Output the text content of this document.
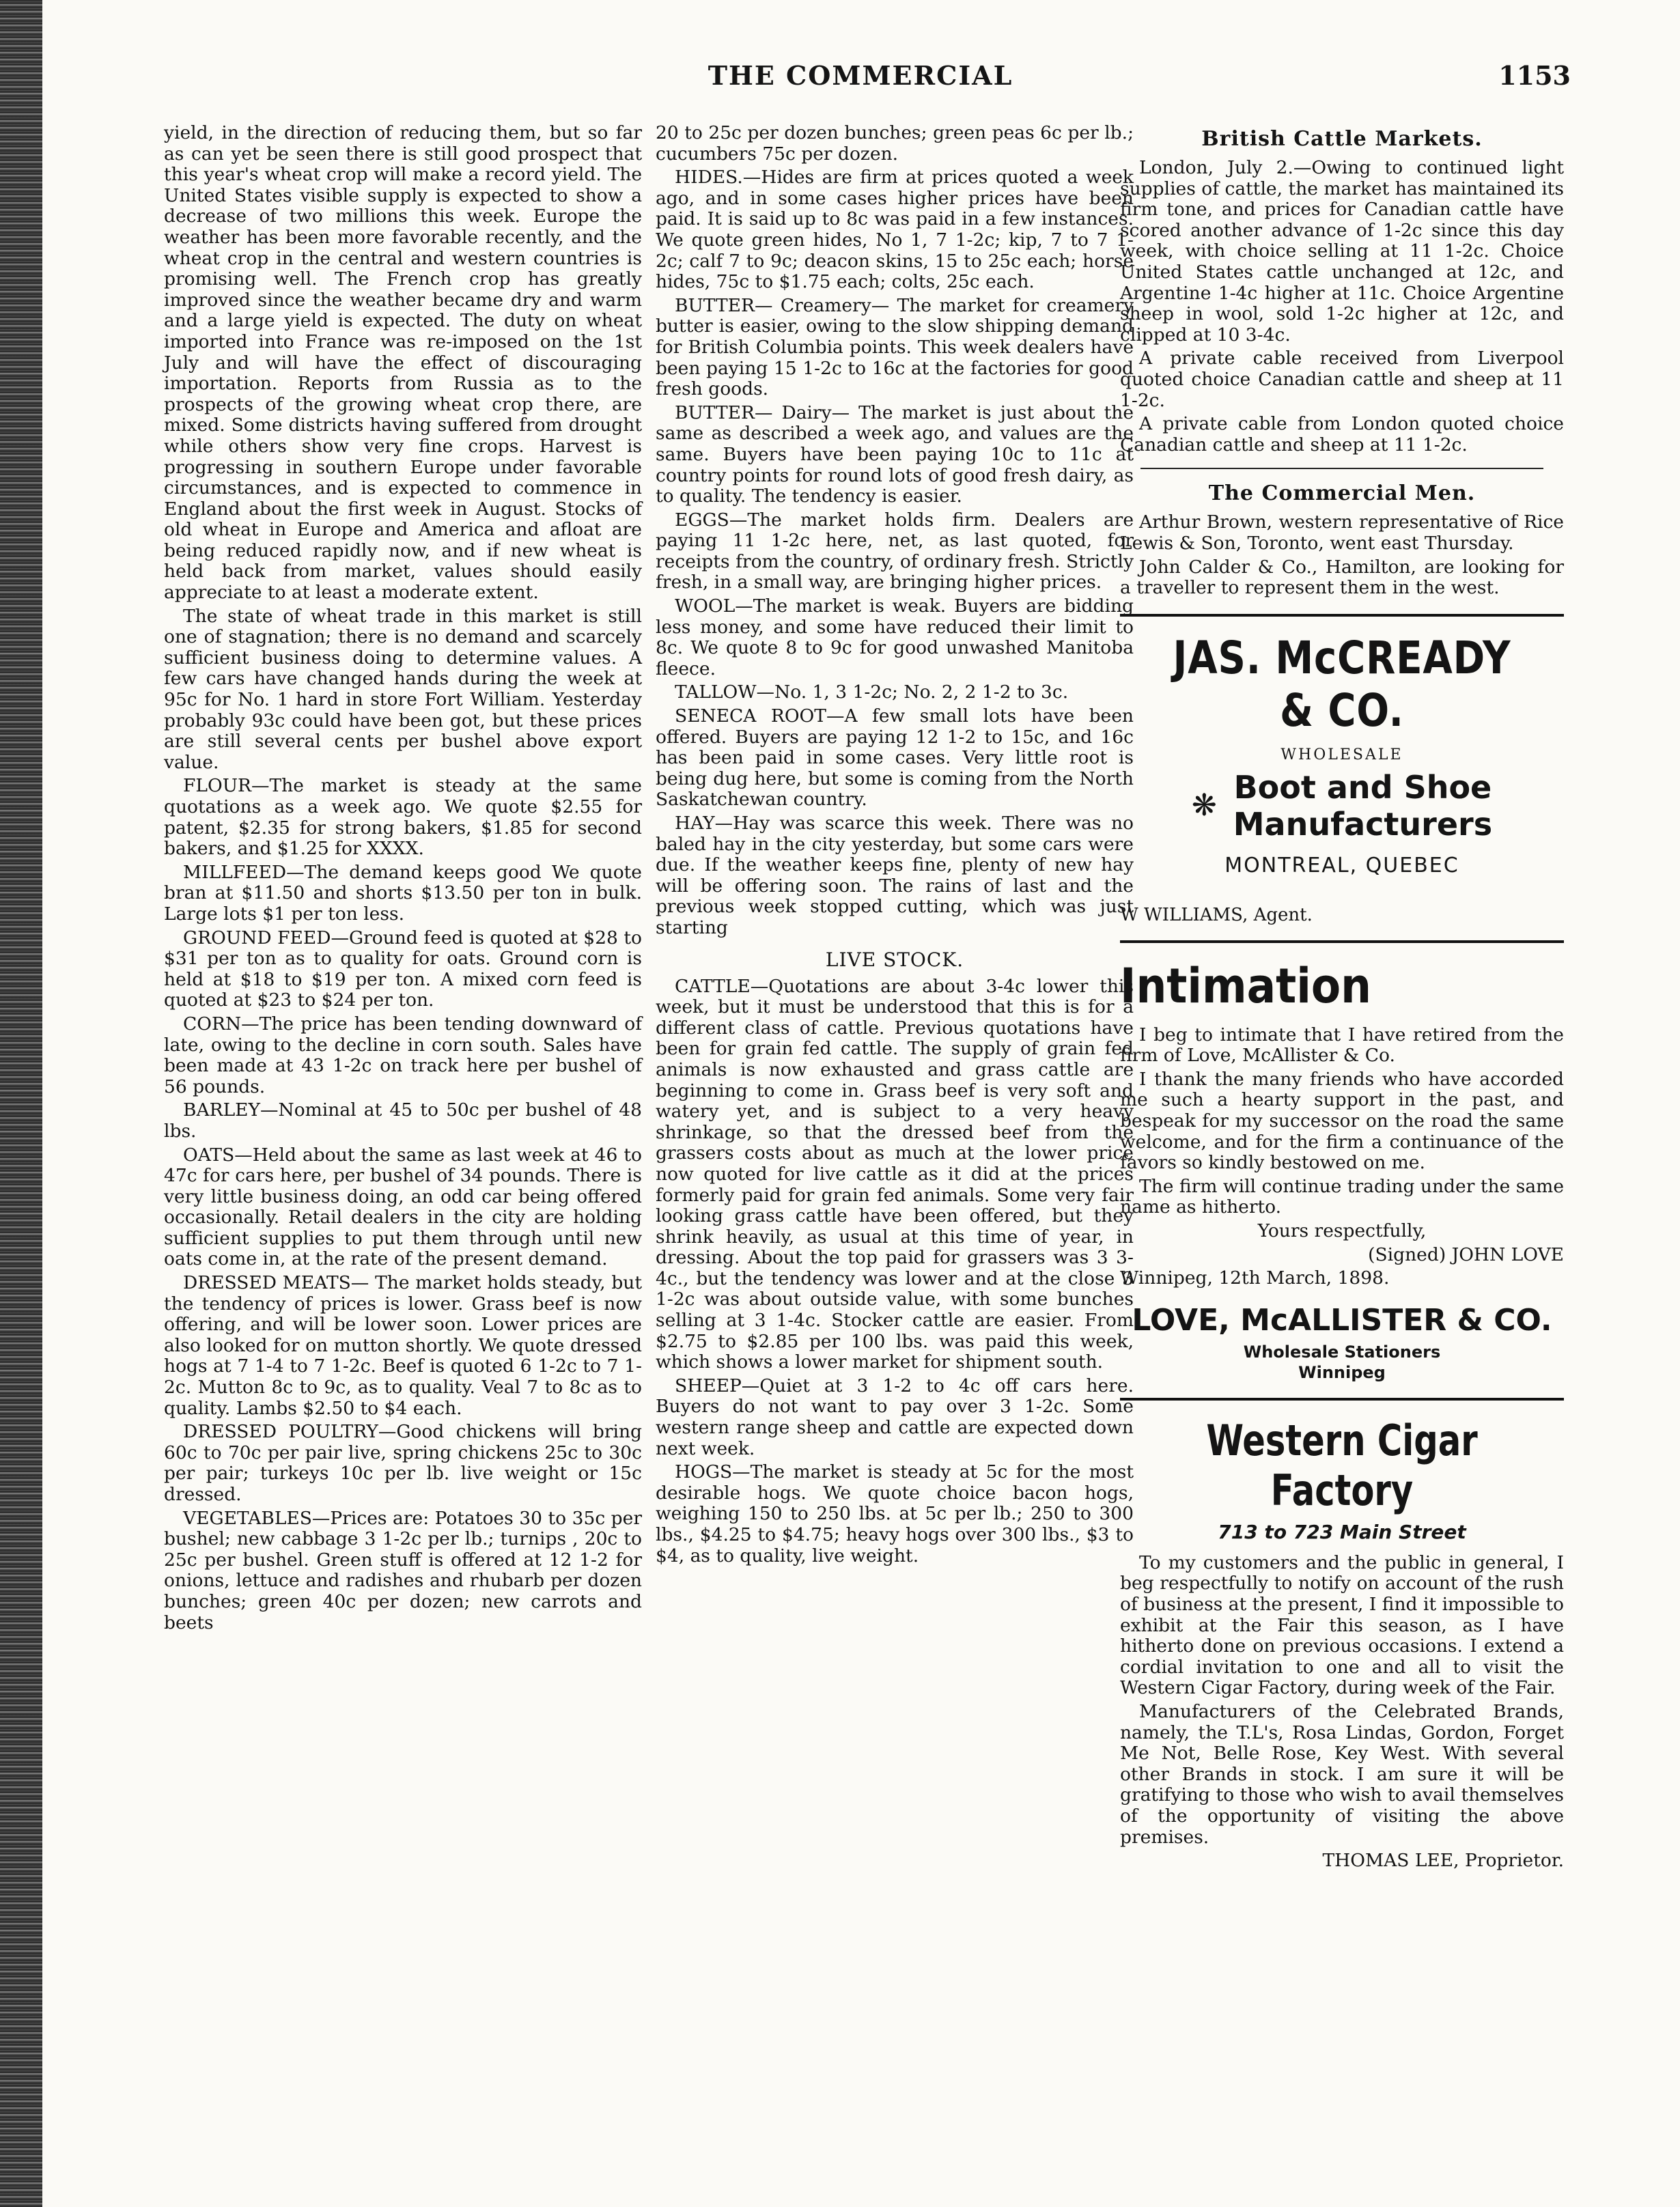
THE COMMERCIAL	1153

yield, in the direction of reducing them, but so far as can yet be seen there is still good prospect that this year's wheat crop will make a record yield. The United States visible supply is expected to show a decrease of two millions this week. Europe the weather has been more favorable recently, and the wheat crop in the central and western countries is promising well. The French crop has greatly improved since the weather became dry and warm and a large yield is expected. The duty on wheat imported into France was re-imposed on the 1st July and will have the effect of discouraging importation. Reports from Russia as to the prospects of the growing wheat crop there, are mixed. Some districts having suffered from drought while others show very fine crops. Harvest is progressing in southern Europe under favorable circumstances, and is expected to commence in England about the first week in August. Stocks of old wheat in Europe and America and afloat are being reduced rapidly now, and if new wheat is held back from market, values should easily appreciate to at least a moderate extent.

The state of wheat trade in this market is still one of stagnation; there is no demand and scarcely sufficient business doing to determine values. A few cars have changed hands during the week at 95c for No. 1 hard in store Fort William. Yesterday probably 93c could have been got, but these prices are still several cents per bushel above export value.

FLOUR—The market is steady at the same quotations as a week ago. We quote $2.55 for patent, $2.35 for strong bakers, $1.85 for second bakers, and $1.25 for XXXX.

MILLFEED—The demand keeps good We quote bran at $11.50 and shorts $13.50 per ton in bulk. Large lots $1 per ton less.

GROUND FEED—Ground feed is quoted at $28 to $31 per ton as to quality for oats. Ground corn is held at $18 to $19 per ton. A mixed corn feed is quoted at $23 to $24 per ton.

CORN—The price has been tending downward of late, owing to the decline in corn south. Sales have been made at 43 1-2c on track here per bushel of 56 pounds.

BARLEY—Nominal at 45 to 50c per bushel of 48 lbs.

OATS—Held about the same as last week at 46 to 47c for cars here, per bushel of 34 pounds. There is very little business doing, an odd car being offered occasionally. Retail dealers in the city are holding sufficient supplies to put them through until new oats come in, at the rate of the present demand.

DRESSED MEATS— The market holds steady, but the tendency of prices is lower. Grass beef is now offering, and will be lower soon. Lower prices are also looked for on mutton shortly. We quote dressed hogs at 7 1-4 to 7 1-2c. Beef is quoted 6 1-2c to 7 1-2c. Mutton 8c to 9c, as to quality. Veal 7 to 8c as to quality. Lambs $2.50 to $4 each.

DRESSED POULTRY—Good chickens will bring 60c to 70c per pair live, spring chickens 25c to 30c per pair; turkeys 10c per lb. live weight or 15c dressed.

VEGETABLES—Prices are: Potatoes 30 to 35c per bushel; new cabbage 3 1-2c per lb.; turnips , 20c to 25c per bushel. Green stuff is offered at 12 1-2 for onions, lettuce and radishes and rhubarb per dozen bunches; green 40c per dozen; new carrots and beets

20 to 25c per dozen bunches; green peas 6c per lb.; cucumbers 75c per dozen.

HIDES.—Hides are firm at prices quoted a week ago, and in some cases higher prices have been paid. It is said up to 8c was paid in a few instances. We quote green hides, No 1, 7 1-2c; kip, 7 to 7 1-2c; calf 7 to 9c; deacon skins, 15 to 25c each; horse hides, 75c to $1.75 each; colts, 25c each.

BUTTER— Creamery— The market for creamery butter is easier, owing to the slow shipping demand for British Columbia points. This week dealers have been paying 15 1-2c to 16c at the factories for good fresh goods.

BUTTER— Dairy— The market is just about the same as described a week ago, and values are the same. Buyers have been paying 10c to 11c at country points for round lots of good fresh dairy, as to quality. The tendency is easier.

EGGS—The market holds firm. Dealers are paying 11 1-2c here, net, as last quoted, for receipts from the country, of ordinary fresh. Strictly fresh, in a small way, are bringing higher prices.

WOOL—The market is weak. Buyers are bidding less money, and some have reduced their limit to 8c. We quote 8 to 9c for good unwashed Manitoba fleece.

TALLOW—No. 1, 3 1-2c; No. 2, 2 1-2 to 3c.

SENECA ROOT—A few small lots have been offered. Buyers are paying 12 1-2 to 15c, and 16c has been paid in some cases. Very little root is being dug here, but some is coming from the North Saskatchewan country.

HAY—Hay was scarce this week. There was no baled hay in the city yesterday, but some cars were due. If the weather keeps fine, plenty of new hay will be offering soon. The rains of last and the previous week stopped cutting, which was just starting

LIVE STOCK.

CATTLE—Quotations are about 3-4c lower this week, but it must be understood that this is for a different class of cattle. Previous quotations have been for grain fed cattle. The supply of grain fed animals is now exhausted and grass cattle are beginning to come in. Grass beef is very soft and watery yet, and is subject to a very heavy shrinkage, so that the dressed beef from the grassers costs about as much at the lower price now quoted for live cattle as it did at the prices formerly paid for grain fed animals. Some very fair looking grass cattle have been offered, but they shrink heavily, as usual at this time of year, in dressing. About the top paid for grassers was 3 3-4c., but the tendency was lower and at the close 3 1-2c was about outside value, with some bunches selling at 3 1-4c. Stocker cattle are easier. From $2.75 to $2.85 per 100 lbs. was paid this week, which shows a lower market for shipment south.

SHEEP—Quiet at 3 1-2 to 4c off cars here. Buyers do not want to pay over 3 1-2c. Some western range sheep and cattle are expected down next week.

HOGS—The market is steady at 5c for the most desirable hogs. We quote choice bacon hogs, weighing 150 to 250 lbs. at 5c per lb.; 250 to 300 lbs., $4.25 to $4.75; heavy hogs over 300 lbs., $3 to $4, as to quality, live weight.

British Cattle Markets.

London, July 2.—Owing to continued light supplies of cattle, the market has maintained its firm tone, and prices for Canadian cattle have scored another advance of 1-2c since this day week, with choice selling at 11 1-2c. Choice United States cattle unchanged at 12c, and Argentine 1-4c higher at 11c. Choice Argentine sheep in wool, sold 1-2c higher at 12c, and clipped at 10 3-4c.

A private cable received from Liverpool quoted choice Canadian cattle and sheep at 11 1-2c.

A private cable from London quoted choice Canadian cattle and sheep at 11 1-2c.

The Commercial Men.

Arthur Brown, western representative of Rice Lewis & Son, Toronto, went east Thursday.

John Calder & Co., Hamilton, are looking for a traveller to represent them in the west.

JAS. McCREADY & CO.
WHOLESALE
❋ Boot and Shoe
Manufacturers
MONTREAL, QUEBEC
W WILLIAMS, Agent.
Intimation

I beg to intimate that I have retired from the firm of Love, McAllister & Co.

I thank the many friends who have accorded me such a hearty support in the past, and bespeak for my successor on the road the same welcome, and for the firm a continuance of the favors so kindly bestowed on me.

The firm will continue trading under the same name as hitherto.

Yours respectfully,

(Signed) JOHN LOVE

Winnipeg, 12th March, 1898.

LOVE, McALLISTER & CO.
Wholesale Stationers
Winnipeg
Western Cigar Factory
713 to 723 Main Street

To my customers and the public in general, I beg respectfully to notify on account of the rush of business at the present, I find it impossible to exhibit at the Fair this season, as I have hitherto done on previous occasions. I extend a cordial invitation to one and all to visit the Western Cigar Factory, during week of the Fair.

Manufacturers of the Celebrated Brands, namely, the T.L's, Rosa Lindas, Gordon, Forget Me Not, Belle Rose, Key West. With several other Brands in stock. I am sure it will be gratifying to those who wish to avail themselves of the opportunity of visiting the above premises.

THOMAS LEE, Proprietor.
